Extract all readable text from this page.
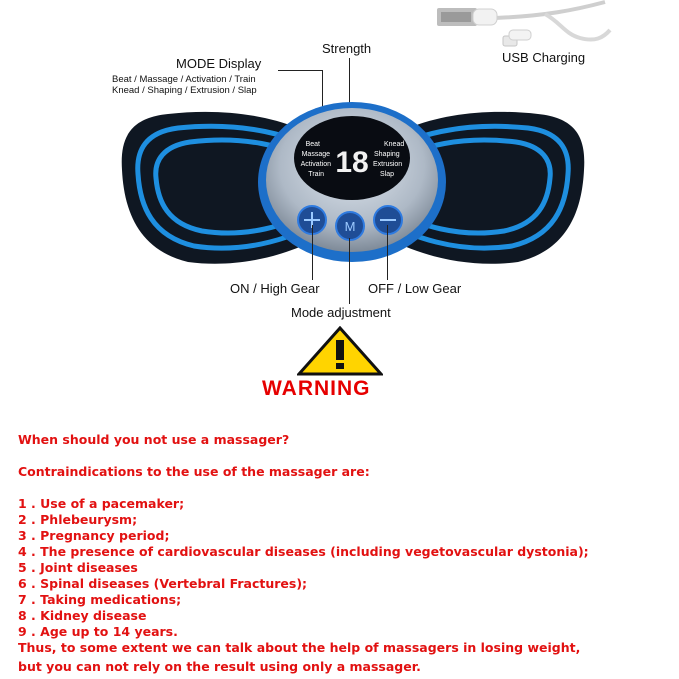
USB Charging
MODE Display
Beat / Massage / Activation / Train
Knead / Shaping / Extrusion / Slap
Strength
18
Beat
Massage
Activation
Train
Knead
Shaping
Extrusion
Slap
M
ON / High Gear	OFF / Low Gear
Mode adjustment
WARNING
When should you not use a massager?
Contraindications to the use of the massager are:
1 . Use of a pacemaker;
2 . Phlebeurysm;
3 . Pregnancy period;
4 . The presence of cardiovascular diseases (including vegetovascular dystonia);
5 . Joint diseases
6 . Spinal diseases (Vertebral Fractures);
7 . Taking medications;
8 . Kidney disease
9 . Age up to 14 years.
Thus, to some extent we can talk about the help of massagers in losing weight,
but you can not rely on the result using only a massager.
